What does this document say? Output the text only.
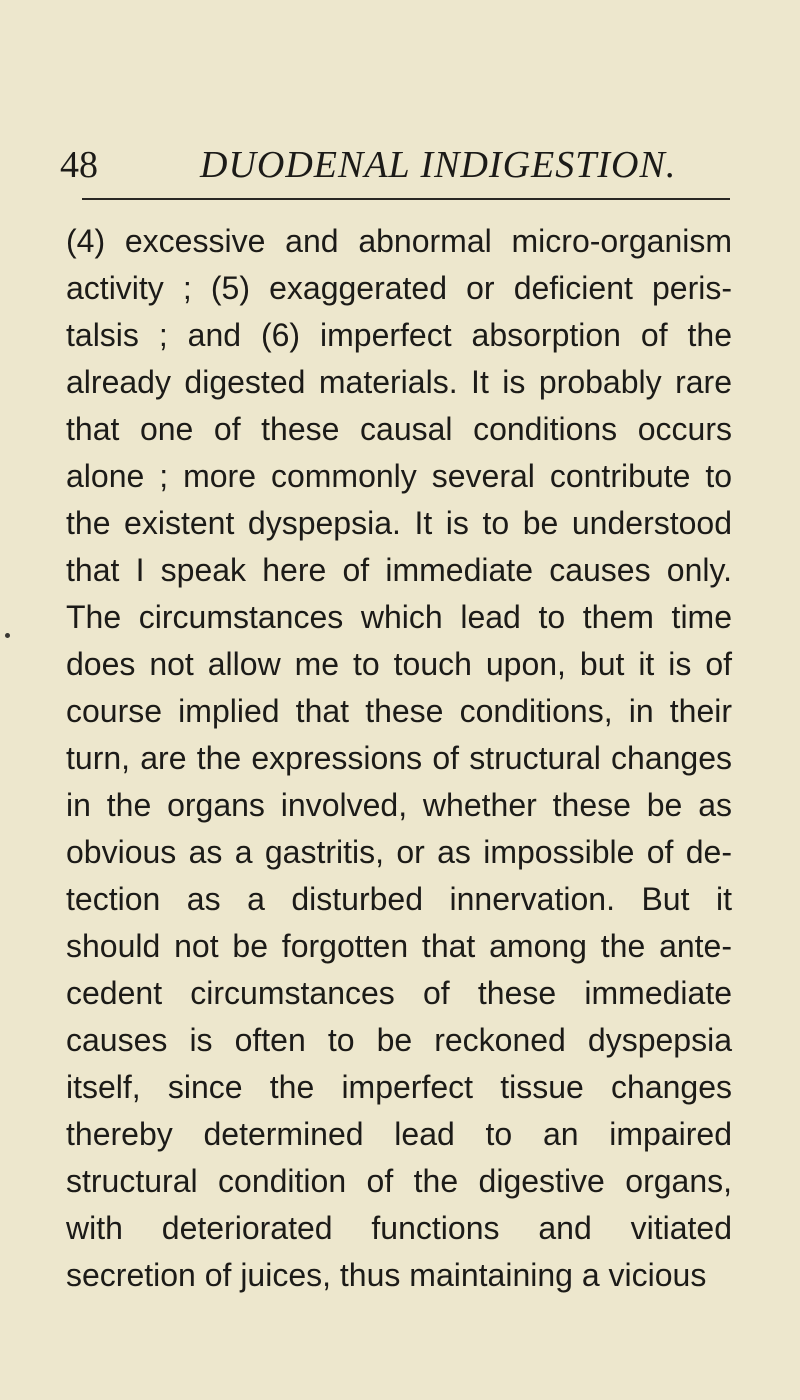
48	DUODENAL INDIGESTION.
(4) excessive and abnormal micro-organism
activity ; (5) exaggerated or deficient peris-
talsis ; and (6) imperfect absorption of the
already digested materials. It is probably rare
that one of these causal conditions occurs
alone ; more commonly several contribute to
the existent dyspepsia. It is to be understood
that I speak here of immediate causes only.
The circumstances which lead to them time
does not allow me to touch upon, but it is of
course implied that these conditions, in their
turn, are the expressions of structural changes
in the organs involved, whether these be as
obvious as a gastritis, or as impossible of de-
tection as a disturbed innervation. But it
should not be forgotten that among the ante-
cedent circumstances of these immediate
causes is often to be reckoned dyspepsia
itself, since the imperfect tissue changes
thereby determined lead to an impaired
structural condition of the digestive organs,
with deteriorated functions and vitiated
secretion of juices, thus maintaining a vicious
